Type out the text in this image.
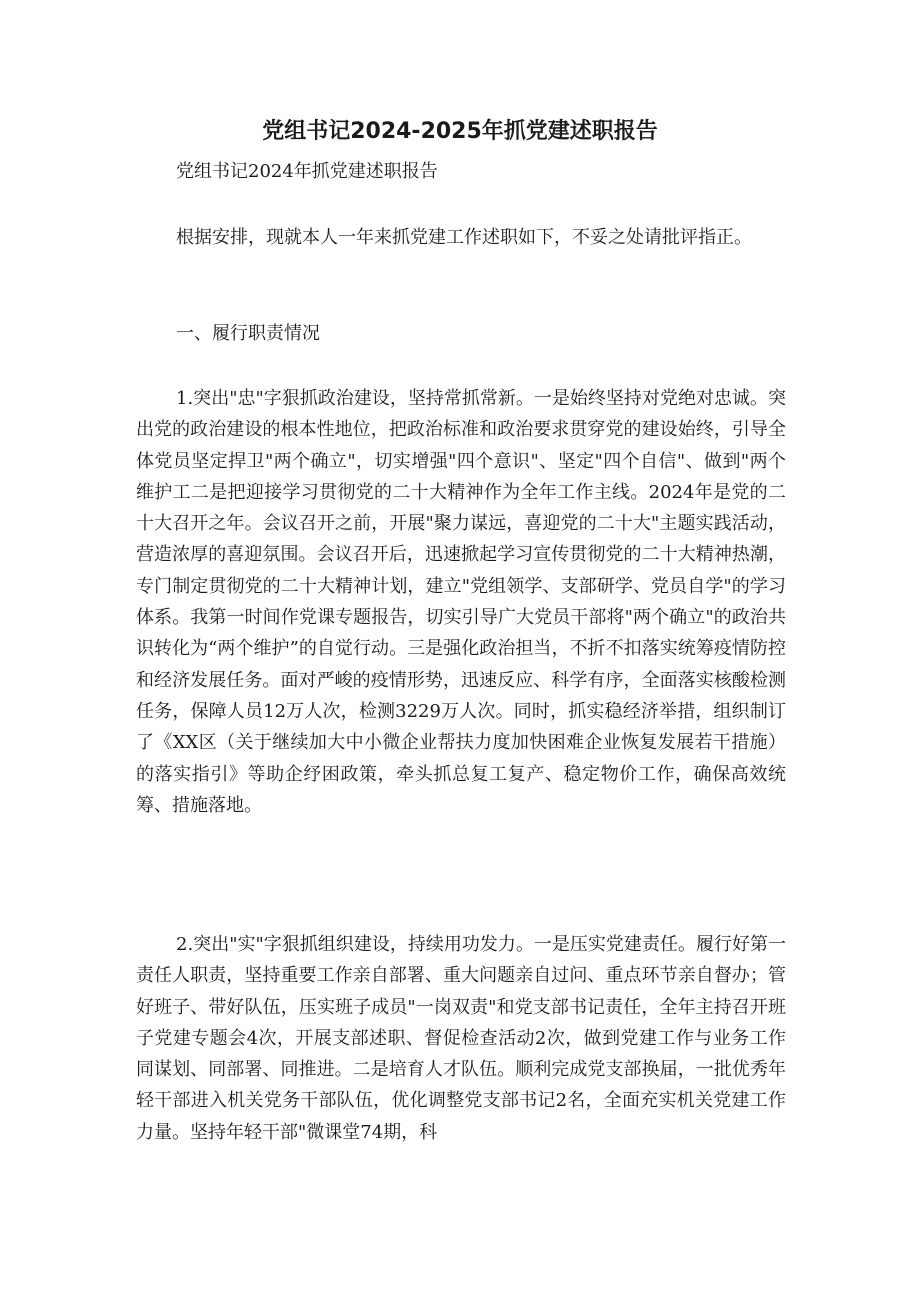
党组书记2024-2025年抓党建述职报告

党组书记2024年抓党建述职报告

根据安排，现就本人一年来抓党建工作述职如下，不妥之处请批评指正。

一、履行职责情况

1.突出"忠"字狠抓政治建设，坚持常抓常新。一是始终坚持对党绝对忠诚。突出党的政治建设的根本性地位，把政治标准和政治要求贯穿党的建设始终，引导全体党员坚定捍卫"两个确立"，切实增强"四个意识"、坚定"四个自信"、做到"两个维护工二是把迎接学习贯彻党的二十大精神作为全年工作主线。2024年是党的二十大召开之年。会议召开之前，开展"聚力谋远，喜迎党的二十大"主题实践活动，营造浓厚的喜迎氛围。会议召开后，迅速掀起学习宣传贯彻党的二十大精神热潮，专门制定贯彻党的二十大精神计划，建立"党组领学、支部研学、党员自学"的学习体系。我第一时间作党课专题报告，切实引导广大党员干部将"两个确立"的政治共识转化为“两个维护”的自觉行动。三是强化政治担当，不折不扣落实统筹疫情防控和经济发展任务。面对严峻的疫情形势，迅速反应、科学有序，全面落实核酸检测任务，保障人员12万人次，检测3229万人次。同时，抓实稳经济举措，组织制订了《XX区（关于继续加大中小微企业帮扶力度加快困难企业恢复发展若干措施）的落实指引》等助企纾困政策，牵头抓总复工复产、稳定物价工作，确保高效统筹、措施落地。

2.突出"实"字狠抓组织建设，持续用功发力。一是压实党建责任。履行好第一责任人职责，坚持重要工作亲自部署、重大问题亲自过问、重点环节亲自督办；管好班子、带好队伍，压实班子成员"一岗双责"和党支部书记责任，全年主持召开班子党建专题会4次，开展支部述职、督促检查活动2次，做到党建工作与业务工作同谋划、同部署、同推进。二是培育人才队伍。顺利完成党支部换届，一批优秀年轻干部进入机关党务干部队伍，优化调整党支部书记2名，全面充实机关党建工作力量。坚持年轻干部"微课堂74期，科
